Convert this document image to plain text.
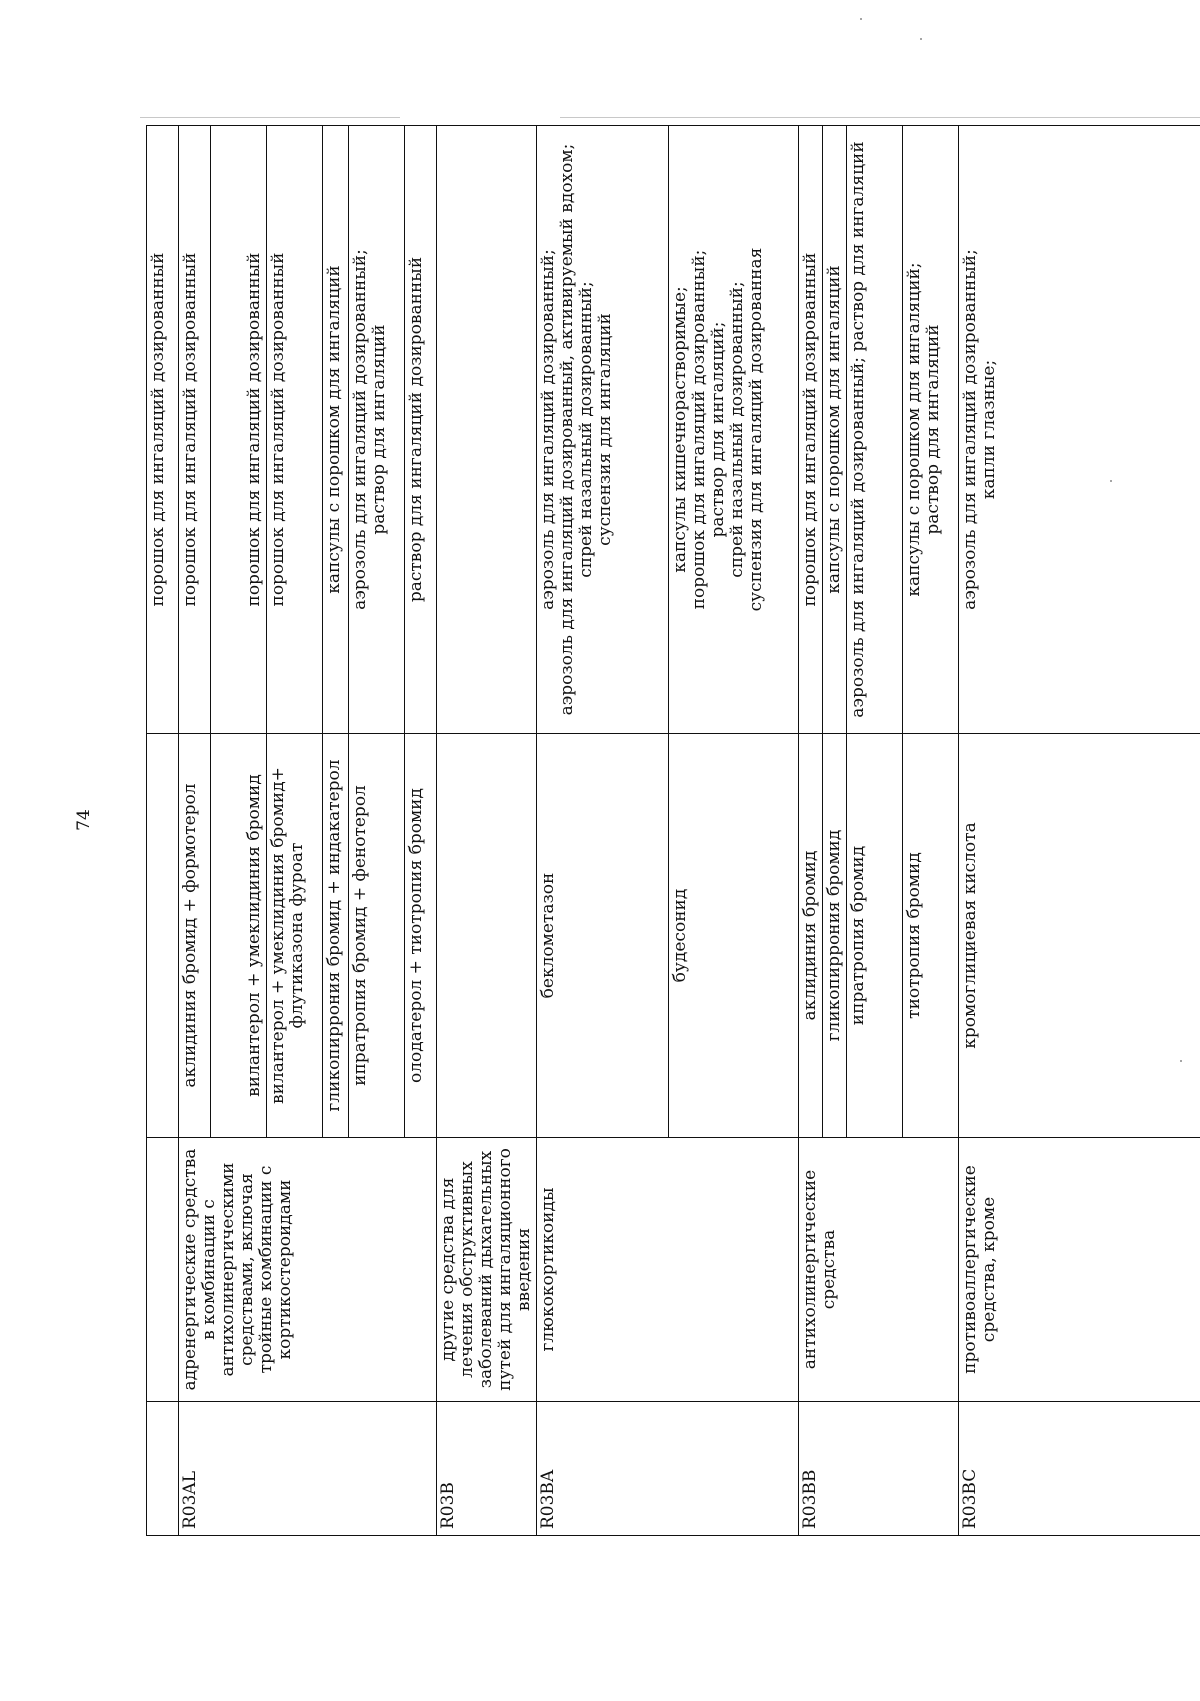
74

			порошок для ингаляций дозированный

R03AL	адренергические средства в комбинации с антихолинергическими средствами, включая тройные комбинации с кортикостероидами	аклидиния бромид + формотерол	порошок для ингаляций дозированный

		вилантерол + умеклидиния бромид	порошок для ингаляций дозированный

		вилантерол + умеклидиния бромид+ флутиказона фуроат	порошок для ингаляций дозированный

		гликопиррония бромид + индакатерол	капсулы с порошком для ингаляций

		ипратропия бромид + фенотерол	аэрозоль для ингаляций дозированный; раствор для ингаляций

		олодатерол + тиотропия бромид	раствор для ингаляций дозированный

R03B	другие средства для лечения обструктивных заболеваний дыхательных путей для ингаляционного введения		

R03BA	глюкокортикоиды	беклометазон	аэрозоль для ингаляций дозированный; аэрозоль для ингаляций дозированный, активируемый вдохом; спрей назальный дозированный; суспензия для ингаляций

		будесонид	капсулы кишечнорастворимые; порошок для ингаляций дозированный; раствор для ингаляций; спрей назальный дозированный; суспензия для ингаляций дозированная

R03BB	антихолинергические средства	аклидиния бромид	порошок для ингаляций дозированный

		гликопиррония бромид	капсулы с порошком для ингаляций

		ипратропия бромид	аэрозоль для ингаляций дозированный; раствор для ингаляций

		тиотропия бромид	капсулы с порошком для ингаляций; раствор для ингаляций

R03BC	противоаллергические средства, кроме	кромоглициевая кислота	аэрозоль для ингаляций дозированный; капли глазные;
